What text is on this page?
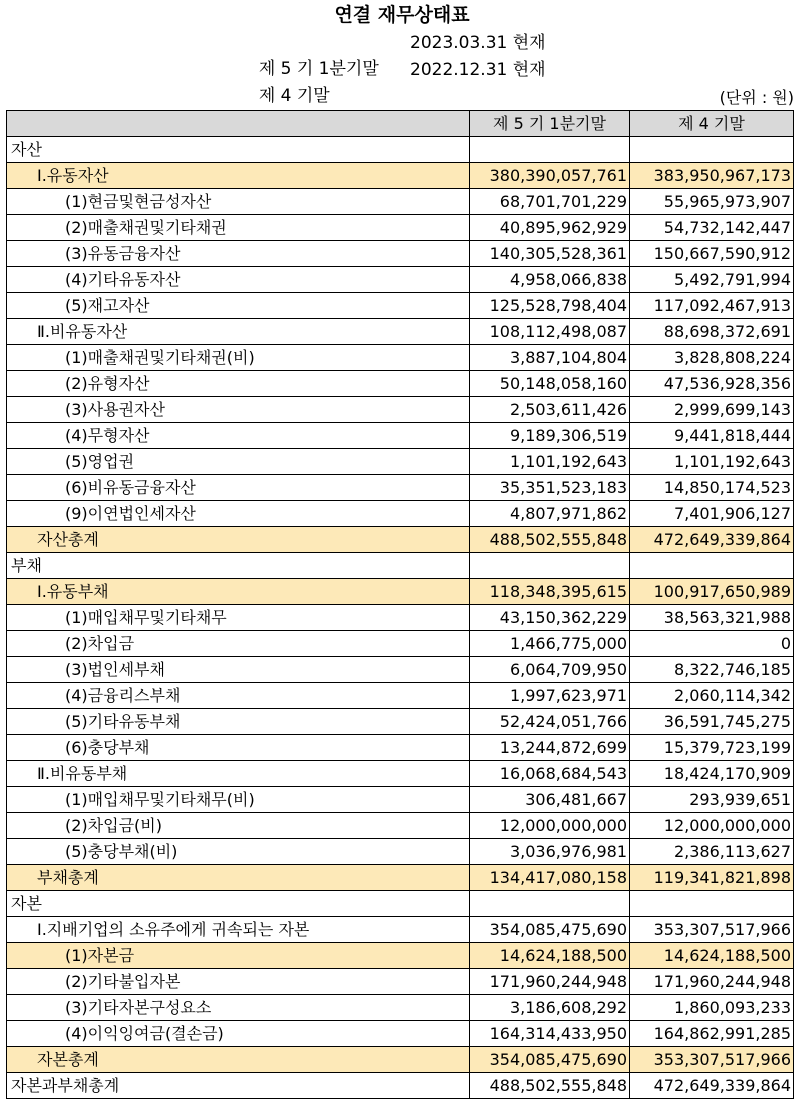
연결 재무상태표

제 5 기 1분기말

2023.03.31 현재

제 4 기말

2022.12.31 현재

(단위 : 원)
	제 5 기 1분기말	제 4 기말
자산		
Ⅰ.유동자산	380,390,057,761	383,950,967,173
(1)현금및현금성자산	68,701,701,229	55,965,973,907
(2)매출채권및기타채권	40,895,962,929	54,732,142,447
(3)유동금융자산	140,305,528,361	150,667,590,912
(4)기타유동자산	4,958,066,838	5,492,791,994
(5)재고자산	125,528,798,404	117,092,467,913
Ⅱ.비유동자산	108,112,498,087	88,698,372,691
(1)매출채권및기타채권(비)	3,887,104,804	3,828,808,224
(2)유형자산	50,148,058,160	47,536,928,356
(3)사용권자산	2,503,611,426	2,999,699,143
(4)무형자산	9,189,306,519	9,441,818,444
(5)영업권	1,101,192,643	1,101,192,643
(6)비유동금융자산	35,351,523,183	14,850,174,523
(9)이연법인세자산	4,807,971,862	7,401,906,127
자산총계	488,502,555,848	472,649,339,864
부채		
Ⅰ.유동부채	118,348,395,615	100,917,650,989
(1)매입채무및기타채무	43,150,362,229	38,563,321,988
(2)차입금	1,466,775,000	0
(3)법인세부채	6,064,709,950	8,322,746,185
(4)금융리스부채	1,997,623,971	2,060,114,342
(5)기타유동부채	52,424,051,766	36,591,745,275
(6)충당부채	13,244,872,699	15,379,723,199
Ⅱ.비유동부채	16,068,684,543	18,424,170,909
(1)매입채무및기타채무(비)	306,481,667	293,939,651
(2)차입금(비)	12,000,000,000	12,000,000,000
(5)충당부채(비)	3,036,976,981	2,386,113,627
부채총계	134,417,080,158	119,341,821,898
자본		
Ⅰ.지배기업의 소유주에게 귀속되는 자본	354,085,475,690	353,307,517,966
(1)자본금	14,624,188,500	14,624,188,500
(2)기타불입자본	171,960,244,948	171,960,244,948
(3)기타자본구성요소	3,186,608,292	1,860,093,233
(4)이익잉여금(결손금)	164,314,433,950	164,862,991,285
자본총계	354,085,475,690	353,307,517,966
자본과부채총계	488,502,555,848	472,649,339,864
